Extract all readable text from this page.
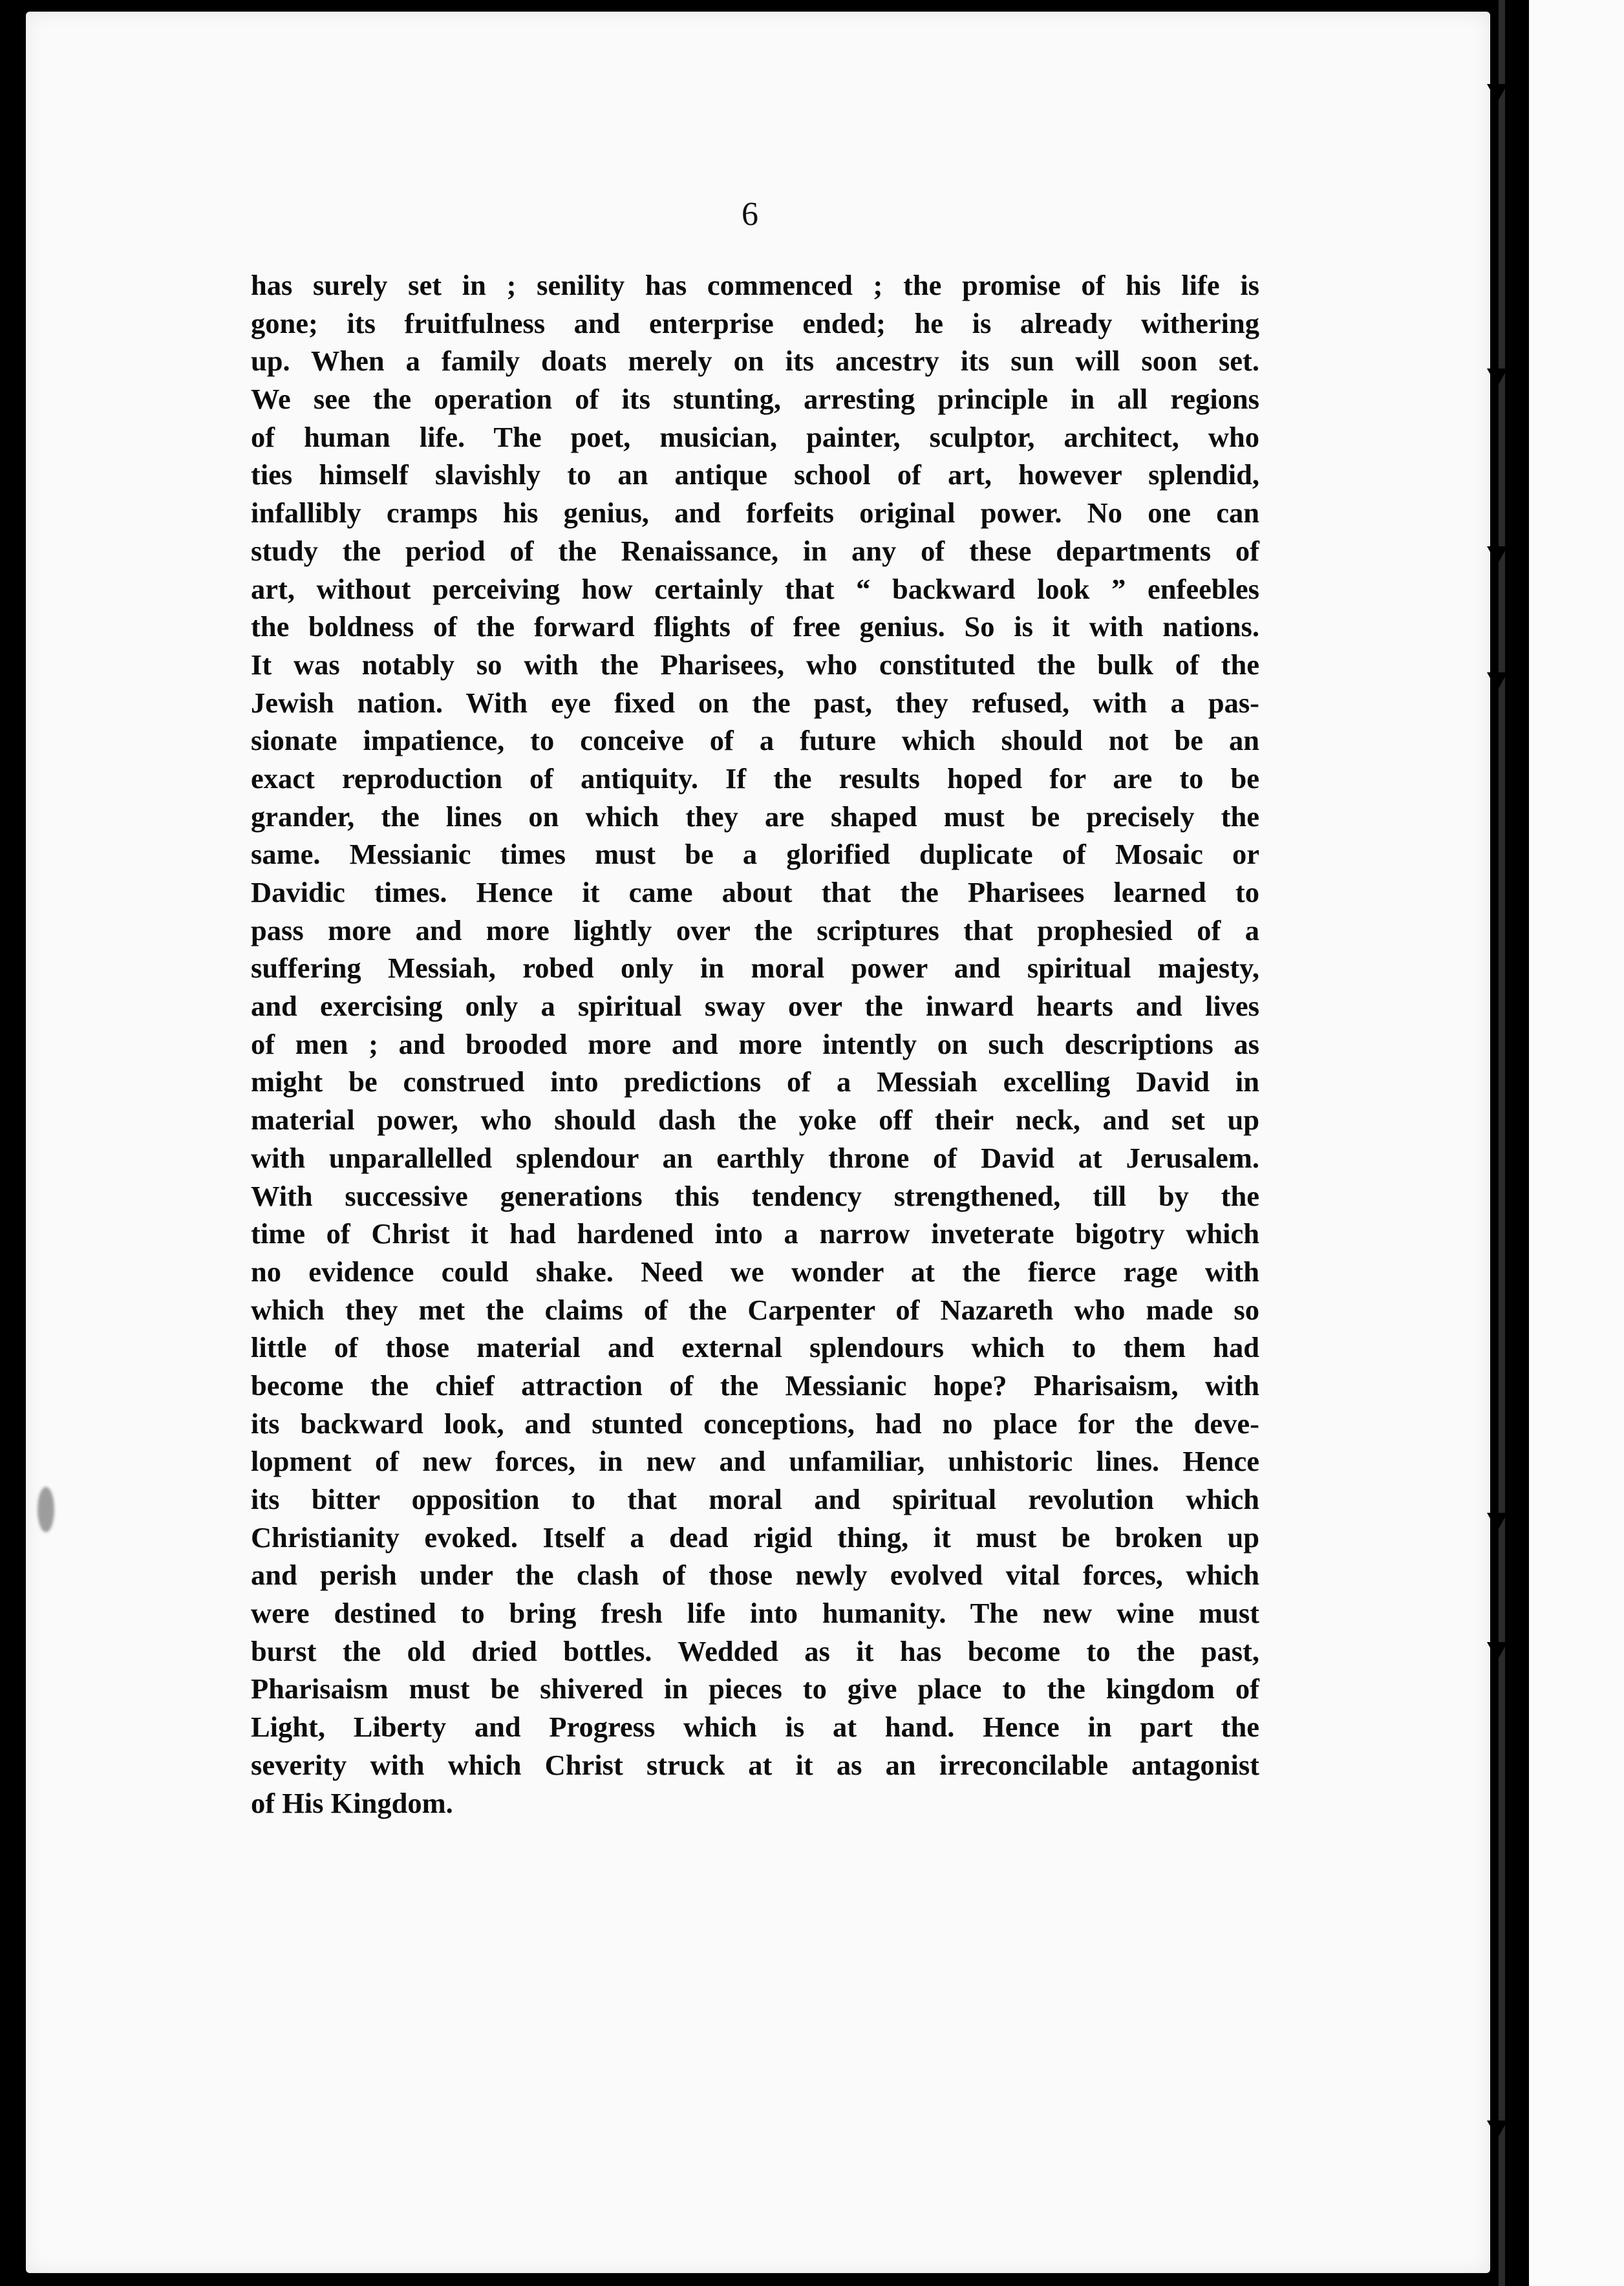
6
has surely set in ; senility has commenced ; the promise of his life is
gone; its fruitfulness and enterprise ended; he is already withering
up. When a family doats merely on its ancestry its sun will soon set.
We see the operation of its stunting, arresting principle in all regions
of human life. The poet, musician, painter, sculptor, architect, who
ties himself slavishly to an antique school of art, however splendid,
infallibly cramps his genius, and forfeits original power. No one can
study the period of the Renaissance, in any of these departments of
art, without perceiving how certainly that “ backward look ” enfeebles
the boldness of the forward flights of free genius. So is it with nations.
It was notably so with the Pharisees, who constituted the bulk of the
Jewish nation. With eye fixed on the past, they refused, with a pas-
sionate impatience, to conceive of a future which should not be an
exact reproduction of antiquity. If the results hoped for are to be
grander, the lines on which they are shaped must be precisely the
same. Messianic times must be a glorified duplicate of Mosaic or
Davidic times. Hence it came about that the Pharisees learned to
pass more and more lightly over the scriptures that prophesied of a
suffering Messiah, robed only in moral power and spiritual majesty,
and exercising only a spiritual sway over the inward hearts and lives
of men ; and brooded more and more intently on such descriptions as
might be construed into predictions of a Messiah excelling David in
material power, who should dash the yoke off their neck, and set up
with unparallelled splendour an earthly throne of David at Jerusalem.
With successive generations this tendency strengthened, till by the
time of Christ it had hardened into a narrow inveterate bigotry which
no evidence could shake. Need we wonder at the fierce rage with
which they met the claims of the Carpenter of Nazareth who made so
little of those material and external splendours which to them had
become the chief attraction of the Messianic hope? Pharisaism, with
its backward look, and stunted conceptions, had no place for the deve-
lopment of new forces, in new and unfamiliar, unhistoric lines. Hence
its bitter opposition to that moral and spiritual revolution which
Christianity evoked. Itself a dead rigid thing, it must be broken up
and perish under the clash of those newly evolved vital forces, which
were destined to bring fresh life into humanity. The new wine must
burst the old dried bottles. Wedded as it has become to the past,
Pharisaism must be shivered in pieces to give place to the kingdom of
Light, Liberty and Progress which is at hand. Hence in part the
severity with which Christ struck at it as an irreconcilable antagonist
of His Kingdom.
